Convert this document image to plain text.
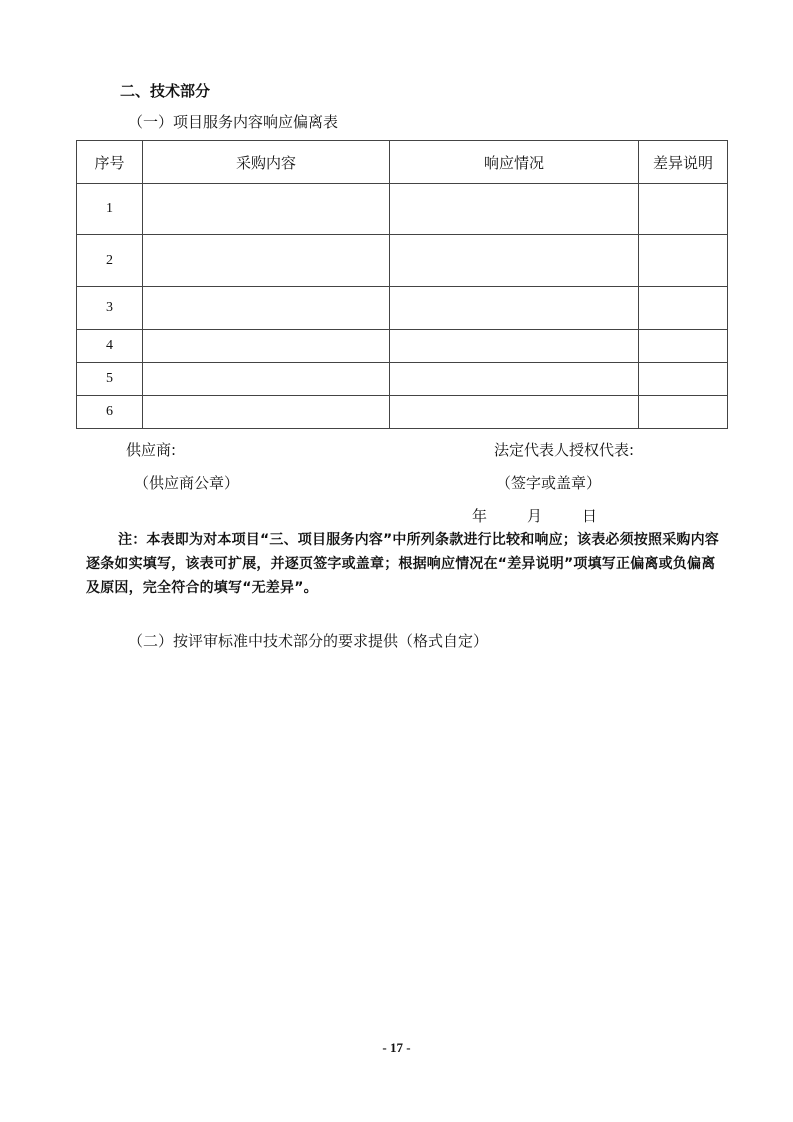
二、技术部分
（一）项目服务内容响应偏离表
序号	采购内容	响应情况	差异说明
1			
2			
3			
4			
5			
6			
供应商:	法定代表人授权代表:
（供应商公章）	（签字或盖章）
年	月	日
注：本表即为对本项目“三、项目服务内容”中所列条款进行比较和响应；该表必须按照采购内容逐条如实填写，该表可扩展，并逐页签字或盖章；根据响应情况在“差异说明”项填写正偏离或负偏离及原因，完全符合的填写“无差异”。
（二）按评审标准中技术部分的要求提供（格式自定）
- 17 -
